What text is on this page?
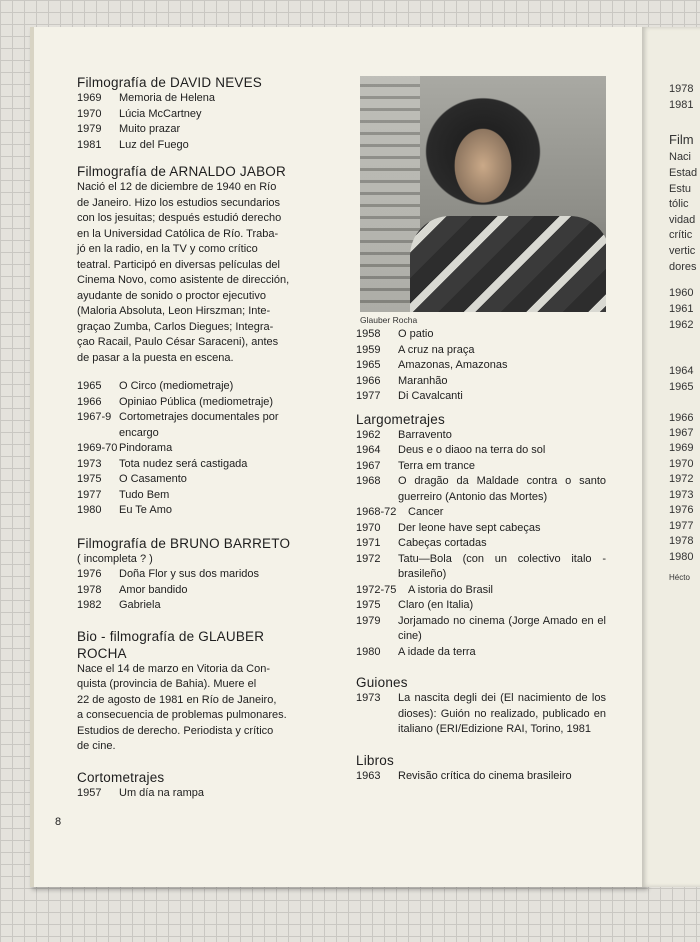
Filmografía de DAVID NEVES
1969	Memoria de Helena
1970	Lúcia McCartney
1979	Muito prazar
1981	Luz del Fuego
Filmografía de ARNALDO JABOR
Nació el 12 de diciembre de 1940 en Río
de Janeiro. Hizo los estudios secundarios
con los jesuitas; después estudió derecho
en la Universidad Católica de Río. Traba-
jó en la radio, en la TV y como crítico
teatral. Participó en diversas películas del
Cinema Novo, como asistente de dirección,
ayudante de sonido o proctor ejecutivo
(Maloria Absoluta, Leon Hirszman; Inte-
graçao Zumba, Carlos Diegues; Integra-
çao Racail, Paulo César Saraceni), antes
de pasar a la puesta en escena.
1965	O Circo (mediometraje)
1966	Opiniao Pública (mediometraje)
1967-9 Cortometrajes documentales por encargo
1969-70 Pindorama
1973	Tota nudez será castigada
1975	O Casamento
1977	Tudo Bem
1980	Eu Te Amo
Filmografía de BRUNO BARRETO
( incompleta ? )
1976	Doña Flor y sus dos maridos
1978	Amor bandido
1982	Gabriela
Bio - filmografía de GLAUBER
ROCHA
Nace el 14 de marzo en Vitoria da Con-
quista (provincia de Bahia). Muere el
22 de agosto de 1981 en Río de Janeiro,
a consecuencia de problemas pulmonares.
Estudios de derecho. Periodista y crítico
de cine.
Cortometrajes
1957	Um día na rampa
8
Glauber Rocha
1958	O patio
1959	A cruz na praça
1965	Amazonas, Amazonas
1966	Maranhão
1977	Di Cavalcanti
Largometrajes
1962	Barravento
1964	Deus e o diaoo na terra do sol
1967	Terra em trance
1968	O dragão da Maldade contra o santo guerreiro (Antonio das Mortes)
1968-72	Cancer
1970	Der leone have sept cabeças
1971	Cabeças cortadas
1972	Tatu—Bola (con un colectivo italo - brasileño)
1972-75	A istoria do Brasil
1975	Claro (en Italia)
1979	Jorjamado no cinema (Jorge Amado en el cine)
1980	A idade da terra
Guiones
1973	La nascita degli dei (El nacimiento de los dioses): Guión no realizado, publicado en italiano (ERI/Edizione RAI, Torino, 1981
Libros
1963	Revisão crítica do cinema brasileiro
1978
1981
Film
Naci
Estad
Estu
tólic
vidad
crític
vertic
dores
1960
1961
1962
1964
1965
1966
1967
1969
1970
1972
1973
1976
1977
1978
1980
Hécto
